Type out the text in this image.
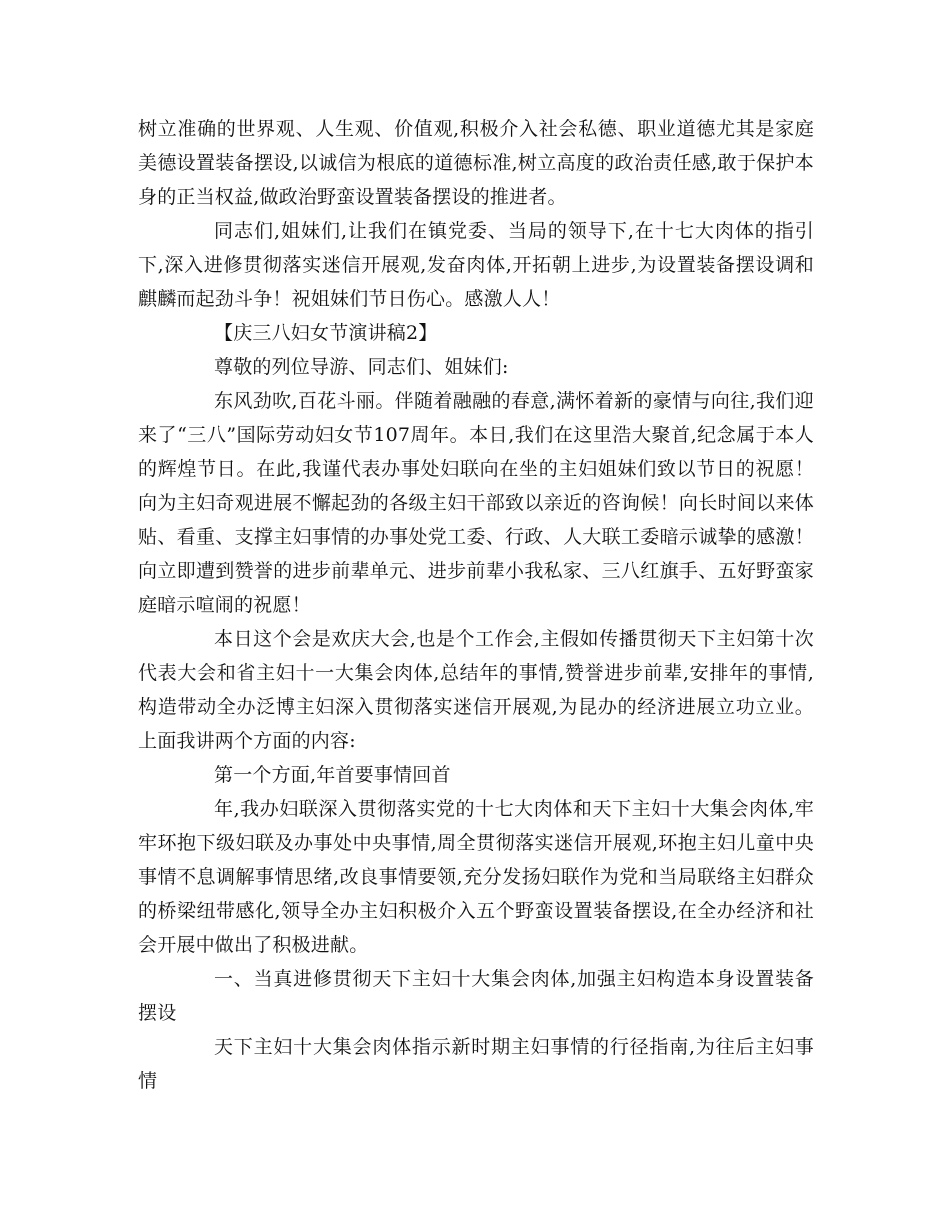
树立准确的世界观、人生观、价值观,积极介入社会私德、职业道德尤其是家庭美德设置装备摆设,以诚信为根底的道德标准,树立高度的政治责任感,敢于保护本身的正当权益,做政治野蛮设置装备摆设的推进者。

同志们,姐妹们,让我们在镇党委、当局的领导下,在十七大肉体的指引下,深入进修贯彻落实迷信开展观,发奋肉体,开拓朝上进步,为设置装备摆设调和麒麟而起劲斗争！祝姐妹们节日伤心。感激人人！

【庆三八妇女节演讲稿2】

尊敬的列位导游、同志们、姐妹们:

东风劲吹,百花斗丽。伴随着融融的春意,满怀着新的豪情与向往,我们迎来了“三八”国际劳动妇女节107周年。本日,我们在这里浩大聚首,纪念属于本人的辉煌节日。在此,我谨代表办事处妇联向在坐的主妇姐妹们致以节日的祝愿！向为主妇奇观进展不懈起劲的各级主妇干部致以亲近的咨询候！向长时间以来体贴、看重、支撑主妇事情的办事处党工委、行政、人大联工委暗示诚挚的感激！向立即遭到赞誉的进步前辈单元、进步前辈小我私家、三八红旗手、五好野蛮家庭暗示喧闹的祝愿！

本日这个会是欢庆大会,也是个工作会,主假如传播贯彻天下主妇第十次代表大会和省主妇十一大集会肉体,总结年的事情,赞誉进步前辈,安排年的事情,构造带动全办泛博主妇深入贯彻落实迷信开展观,为昆办的经济进展立功立业。上面我讲两个方面的内容:

第一个方面,年首要事情回首

年,我办妇联深入贯彻落实党的十七大肉体和天下主妇十大集会肉体,牢牢环抱下级妇联及办事处中央事情,周全贯彻落实迷信开展观,环抱主妇儿童中央事情不息调解事情思绪,改良事情要领,充分发扬妇联作为党和当局联络主妇群众的桥梁纽带感化,领导全办主妇积极介入五个野蛮设置装备摆设,在全办经济和社会开展中做出了积极进献。

一、当真进修贯彻天下主妇十大集会肉体,加强主妇构造本身设置装备摆设

天下主妇十大集会肉体指示新时期主妇事情的行径指南,为往后主妇事情
